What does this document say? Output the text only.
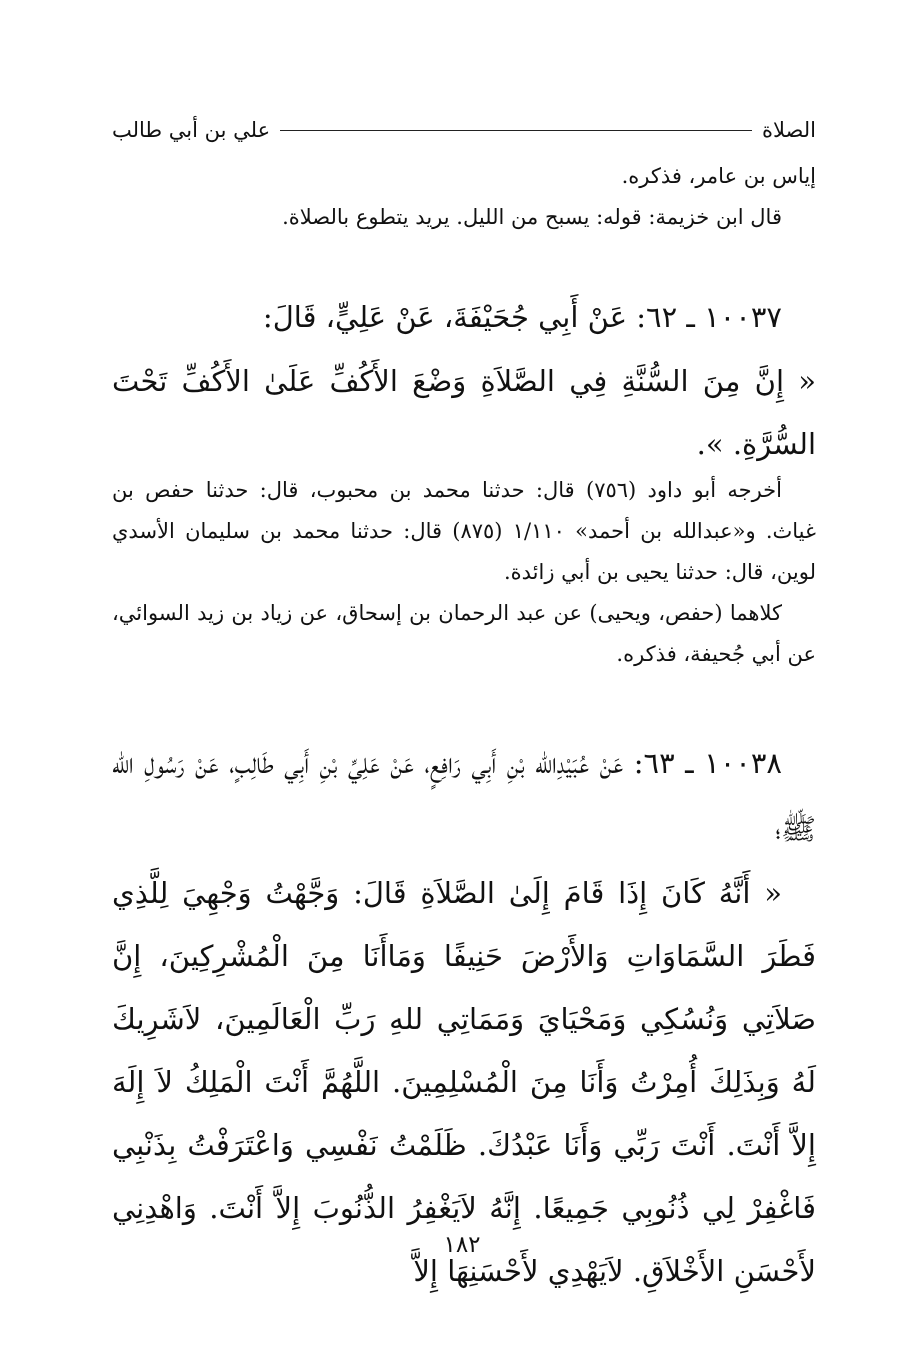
الصلاة
علي بن أبي طالب

إياس بن عامر، فذكره.

قال ابن خزيمة: قوله: يسبح من الليل. يريد يتطوع بالصلاة.

١٠٠٣٧ ـ ٦٢: عَنْ أَبِي جُحَيْفَةَ، عَنْ عَلِيٍّ، قَالَ:

« إِنَّ مِنَ السُّنَّةِ فِي الصَّلاَةِ وَضْعَ الأَكُفِّ عَلَىٰ الأَكُفِّ تَحْتَ السُّرَّةِ. ».

أخرجه أبو داود (٧٥٦) قال: حدثنا محمد بن محبوب، قال: حدثنا حفص بن غياث. و«عبدالله بن أحمد» ١/١١٠ (٨٧٥) قال: حدثنا محمد بن سليمان الأسدي لوين، قال: حدثنا يحيى بن أبي زائدة.

كلاهما (حفص، ويحيى) عن عبد الرحمان بن إسحاق، عن زياد بن زيد السوائي، عن أبي جُحيفة، فذكره.

١٠٠٣٨ ـ ٦٣: عَنْ عُبَيْدِالله بْنِ أَبِي رَافِعٍ، عَنْ عَلِيِّ بْنِ أَبِي طَالِبٍ، عَنْ رَسُولِ الله ﷺ؛

« أَنَّهُ كَانَ إِذَا قَامَ إِلَىٰ الصَّلاَةِ قَالَ: وَجَّهْتُ وَجْهِيَ لِلَّذِي فَطَرَ السَّمَاوَاتِ وَالأَرْضَ حَنِيفًا وَمَاأَنَا مِنَ الْمُشْرِكِينَ، إِنَّ صَلاَتِي وَنُسُكِي وَمَحْيَايَ وَمَمَاتِي للهِ رَبِّ الْعَالَمِينَ، لاَشَرِيكَ لَهُ وَبِذَلِكَ أُمِرْتُ وَأَنَا مِنَ الْمُسْلِمِينَ. اللَّهُمَّ أَنْتَ الْمَلِكُ لاَ إِلَهَ إِلاَّ أَنْتَ. أَنْتَ رَبِّي وَأَنَا عَبْدُكَ. ظَلَمْتُ نَفْسِي وَاعْتَرَفْتُ بِذَنْبِي فَاغْفِرْ لِي ذُنُوبِي جَمِيعًا. إِنَّهُ لاَيَغْفِرُ الذُّنُوبَ إِلاَّ أَنْتَ. وَاهْدِنِي لأَحْسَنِ الأَخْلاَقِ. لاَيَهْدِي لأَحْسَنِهَا إِلاَّ

١٨٢
